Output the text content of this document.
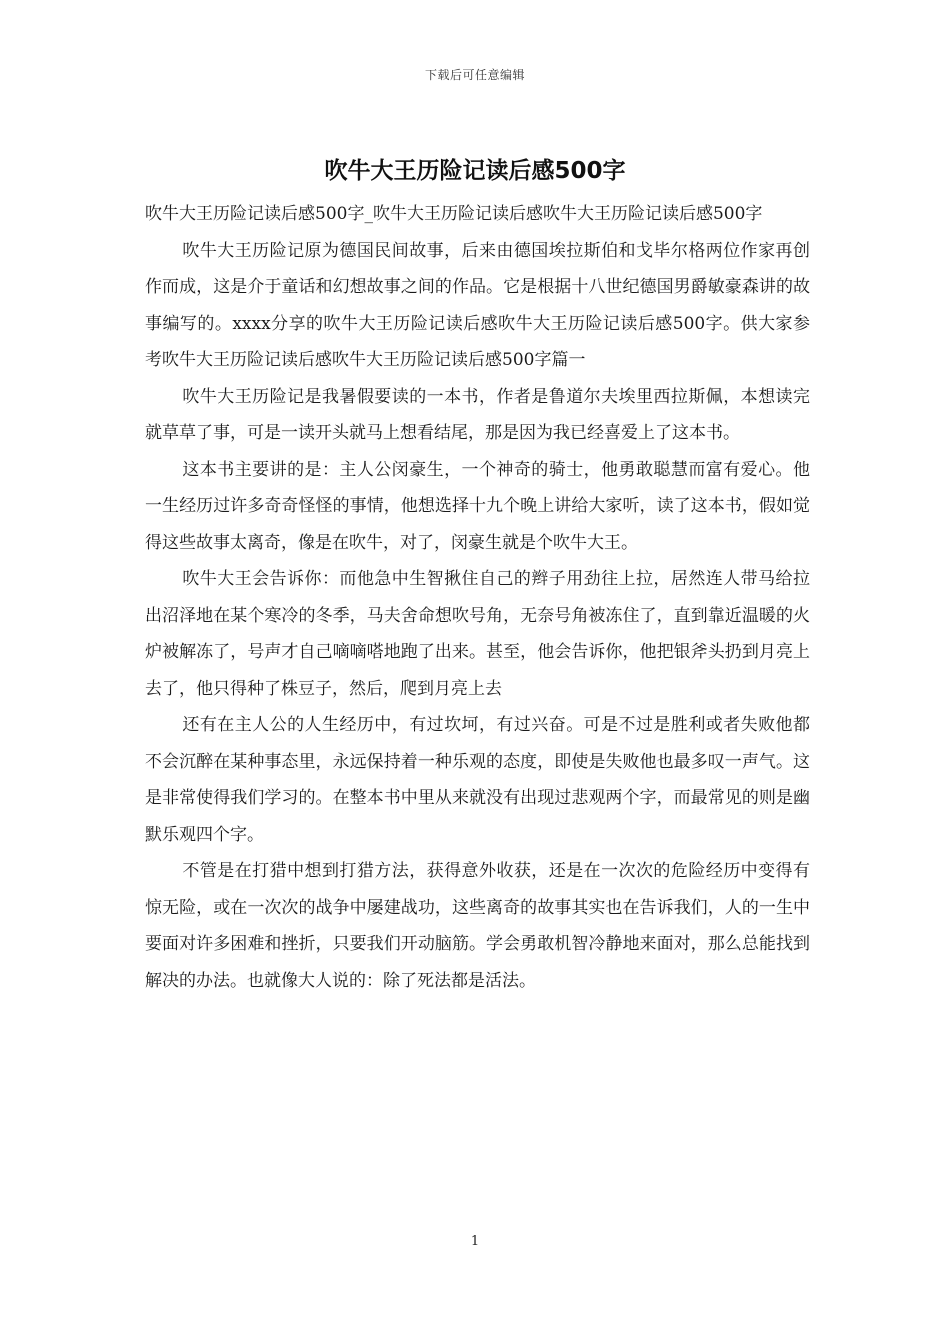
下载后可任意编辑
吹牛大王历险记读后感500字

吹牛大王历险记读后感500字_吹牛大王历险记读后感吹牛大王历险记读后感500字

吹牛大王历险记原为德国民间故事，后来由德国埃拉斯伯和戈毕尔格两位作家再创作而成，这是介于童话和幻想故事之间的作品。它是根据十八世纪德国男爵敏豪森讲的故事编写的。xxxx分享的吹牛大王历险记读后感吹牛大王历险记读后感500字。供大家参考吹牛大王历险记读后感吹牛大王历险记读后感500字篇一

吹牛大王历险记是我暑假要读的一本书，作者是鲁道尔夫埃里西拉斯佩，本想读完就草草了事，可是一读开头就马上想看结尾，那是因为我已经喜爱上了这本书。

这本书主要讲的是：主人公闵豪生，一个神奇的骑士，他勇敢聪慧而富有爱心。他一生经历过许多奇奇怪怪的事情，他想选择十九个晚上讲给大家听，读了这本书，假如觉得这些故事太离奇，像是在吹牛，对了，闵豪生就是个吹牛大王。

吹牛大王会告诉你：而他急中生智揪住自己的辫子用劲往上拉，居然连人带马给拉出沼泽地在某个寒冷的冬季，马夫舍命想吹号角，无奈号角被冻住了，直到靠近温暖的火炉被解冻了，号声才自己嘀嘀嗒地跑了出来。甚至，他会告诉你，他把银斧头扔到月亮上去了，他只得种了株豆子，然后，爬到月亮上去

还有在主人公的人生经历中，有过坎坷，有过兴奋。可是不过是胜利或者失败他都不会沉醉在某种事态里，永远保持着一种乐观的态度，即使是失败他也最多叹一声气。这是非常使得我们学习的。在整本书中里从来就没有出现过悲观两个字，而最常见的则是幽默乐观四个字。

不管是在打猎中想到打猎方法，获得意外收获，还是在一次次的危险经历中变得有惊无险，或在一次次的战争中屡建战功，这些离奇的故事其实也在告诉我们，人的一生中要面对许多困难和挫折，只要我们开动脑筋。学会勇敢机智冷静地来面对，那么总能找到解决的办法。也就像大人说的：除了死法都是活法。

1
